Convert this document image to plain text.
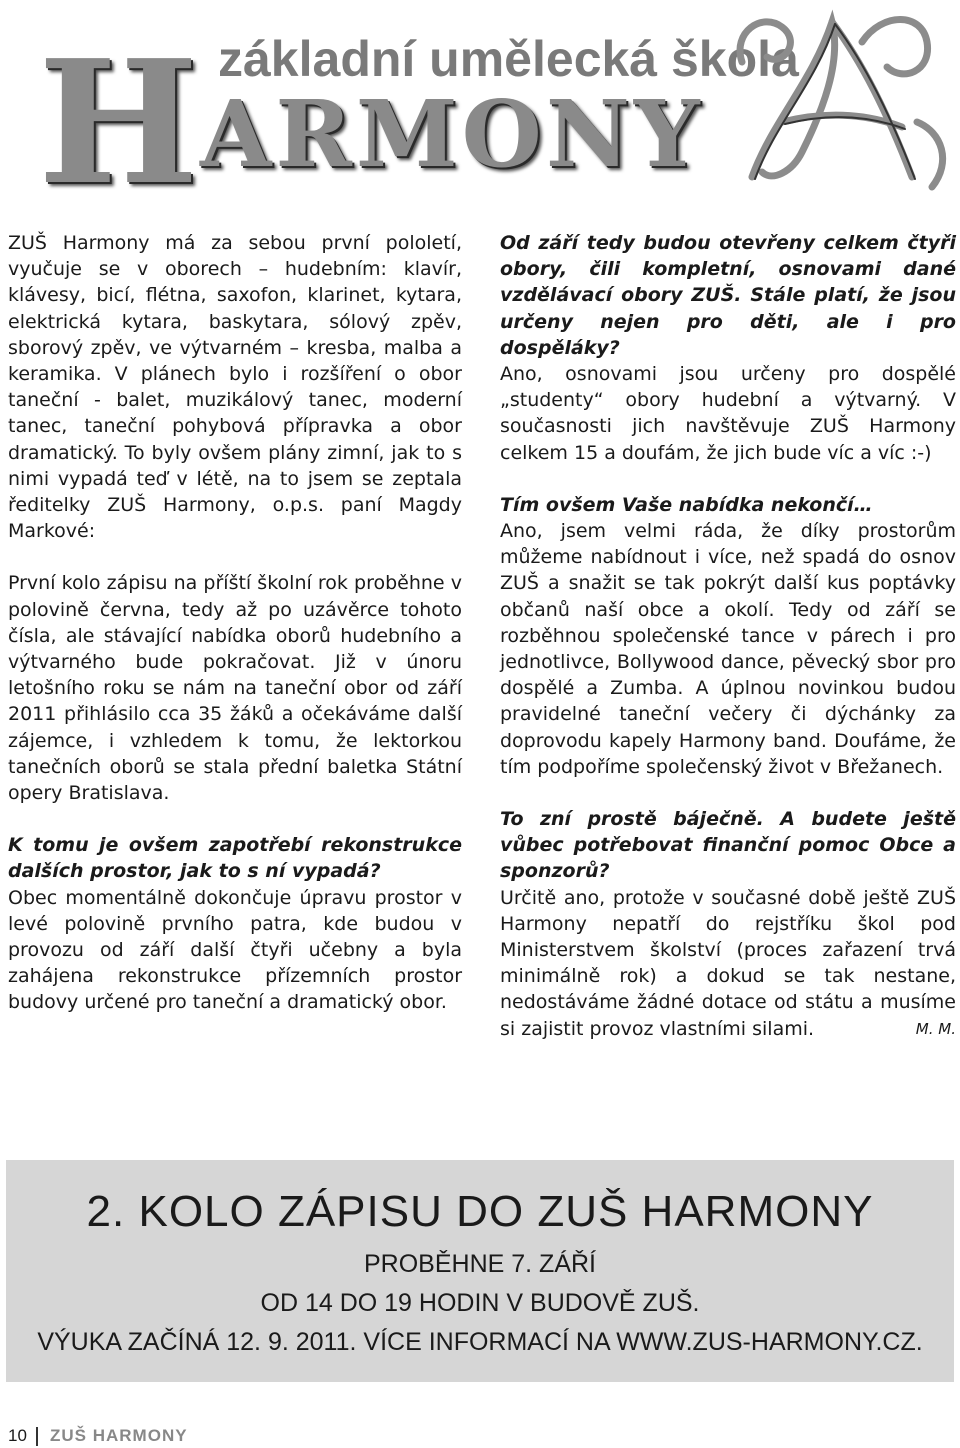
H ARMONY
základní umělecká škola

ZUŠ Harmony má za sebou první pololetí, vyučuje se v oborech – hudebním: klavír, klávesy, bicí, flétna, saxofon, klarinet, kytara, elektrická kytara, baskytara, sólový zpěv, sborový zpěv, ve výtvarném – kresba, malba a keramika. V plánech bylo i rozšíření o obor taneční - balet, muzikálový tanec, moderní tanec, taneční pohybová přípravka a obor dramatický. To byly ovšem plány zimní, jak to s nimi vypadá teď v létě, na to jsem se zeptala ředitelky ZUŠ Harmony, o.p.s. paní Magdy Markové:

První kolo zápisu na příští školní rok proběhne v polovině června, tedy až po uzávěrce tohoto čísla, ale stávající nabídka oborů hudebního a výtvarného bude pokračovat. Již v únoru letošního roku se nám na taneční obor od září 2011 přihlásilo cca 35 žáků a očekáváme další zájemce, i vzhledem k tomu, že lektorkou tanečních oborů se stala přední baletka Státní opery Bratislava.

K tomu je ovšem zapotřebí rekonstrukce dalších prostor, jak to s ní vypadá?

Obec momentálně dokončuje úpravu prostor v levé polovině prvního patra, kde budou v provozu od září další čtyři učebny a byla zahájena rekonstrukce přízemních prostor budovy určené pro taneční a dramatický obor.

Od září tedy budou otevřeny celkem čtyři obory, čili kompletní, osnovami dané vzdělávací obory ZUŠ. Stále platí, že jsou určeny nejen pro děti, ale i pro dospěláky?

Ano, osnovami jsou určeny pro dospělé „studenty“ obory hudební a výtvarný. V současnosti jich navštěvuje ZUŠ Harmony celkem 15 a doufám, že jich bude víc a víc :-)

Tím ovšem Vaše nabídka nekončí…

Ano, jsem velmi ráda, že díky prostorům můžeme nabídnout i více, než spadá do osnov ZUŠ a snažit se tak pokrýt další kus poptávky občanů naší obce a okolí. Tedy od září se rozběhnou společenské tance v párech i pro jednotlivce, Bollywood dance, pěvecký sbor pro dospělé a Zumba. A úplnou novinkou budou pravidelné taneční večery či dýchánky za doprovodu kapely Harmony band. Doufáme, že tím podpoříme společenský život v Břežanech.

To zní prostě báječně. A budete ještě vůbec potřebovat finanční pomoc Obce a sponzorů?

Určitě ano, protože v současné době ještě ZUŠ Harmony nepatří do rejstříku škol pod Ministerstvem školství (proces zařazení trvá minimálně rok) a dokud se tak nestane, nedostáváme žádné dotace od státu a musíme si zajistit provoz vlastními silami.	M. M.

2. KOLO ZÁPISU DO ZUŠ HARMONY
PROBĚHNE 7. ZÁŘÍ
OD 14 DO 19 HODIN V BUDOVĚ ZUŠ.
VÝUKA ZAČÍNÁ 12. 9. 2011. VÍCE INFORMACÍ NA WWW.ZUS-HARMONY.CZ.
10 ZUŠ HARMONY
